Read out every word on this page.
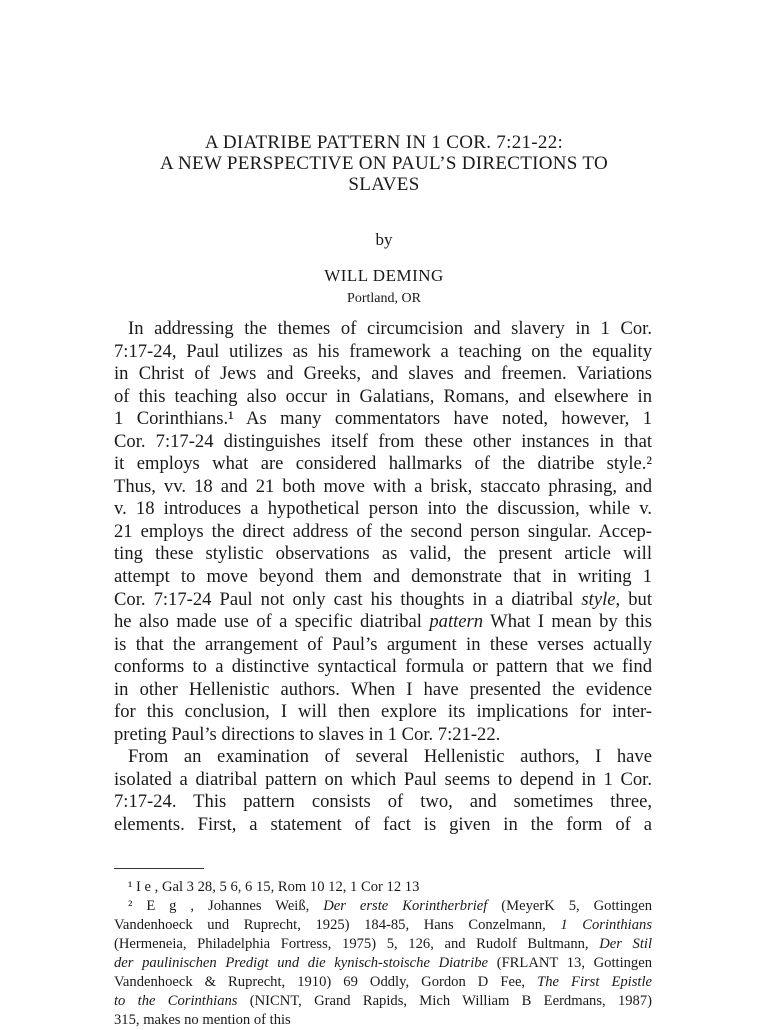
A DIATRIBE PATTERN IN 1 COR. 7:21-22:
A NEW PERSPECTIVE ON PAUL’S DIRECTIONS TO
SLAVES
by
WILL DEMING
Portland, OR
In addressing the themes of circumcision and slavery in 1 Cor.
7:17-24, Paul utilizes as his framework a teaching on the equality
in Christ of Jews and Greeks, and slaves and freemen. Variations
of this teaching also occur in Galatians, Romans, and elsewhere in
1 Corinthians.¹ As many commentators have noted, however, 1
Cor. 7:17-24 distinguishes itself from these other instances in that
it employs what are considered hallmarks of the diatribe style.²
Thus, vv. 18 and 21 both move with a brisk, staccato phrasing, and
v. 18 introduces a hypothetical person into the discussion, while v.
21 employs the direct address of the second person singular. Accep-
ting these stylistic observations as valid, the present article will
attempt to move beyond them and demonstrate that in writing 1
Cor. 7:17-24 Paul not only cast his thoughts in a diatribal style, but
he also made use of a specific diatribal pattern What I mean by this
is that the arrangement of Paul’s argument in these verses actually
conforms to a distinctive syntactical formula or pattern that we find
in other Hellenistic authors. When I have presented the evidence
for this conclusion, I will then explore its implications for inter-
preting Paul’s directions to slaves in 1 Cor. 7:21-22.
From an examination of several Hellenistic authors, I have
isolated a diatribal pattern on which Paul seems to depend in 1 Cor.
7:17-24. This pattern consists of two, and sometimes three,
elements. First, a statement of fact is given in the form of a
¹ I e , Gal 3 28, 5 6, 6 15, Rom 10 12, 1 Cor 12 13
² E g , Johannes Weiß, Der erste Korintherbrief (MeyerK 5, Gottingen
Vandenhoeck und Ruprecht, 1925) 184-85, Hans Conzelmann, 1 Corinthians
(Hermeneia, Philadelphia Fortress, 1975) 5, 126, and Rudolf Bultmann, Der Stil
der paulinischen Predigt und die kynisch-stoische Diatribe (FRLANT 13, Gottingen
Vandenhoeck & Ruprecht, 1910) 69 Oddly, Gordon D Fee, The First Epistle
to the Corinthians (NICNT, Grand Rapids, Mich William B Eerdmans, 1987)
315, makes no mention of this
